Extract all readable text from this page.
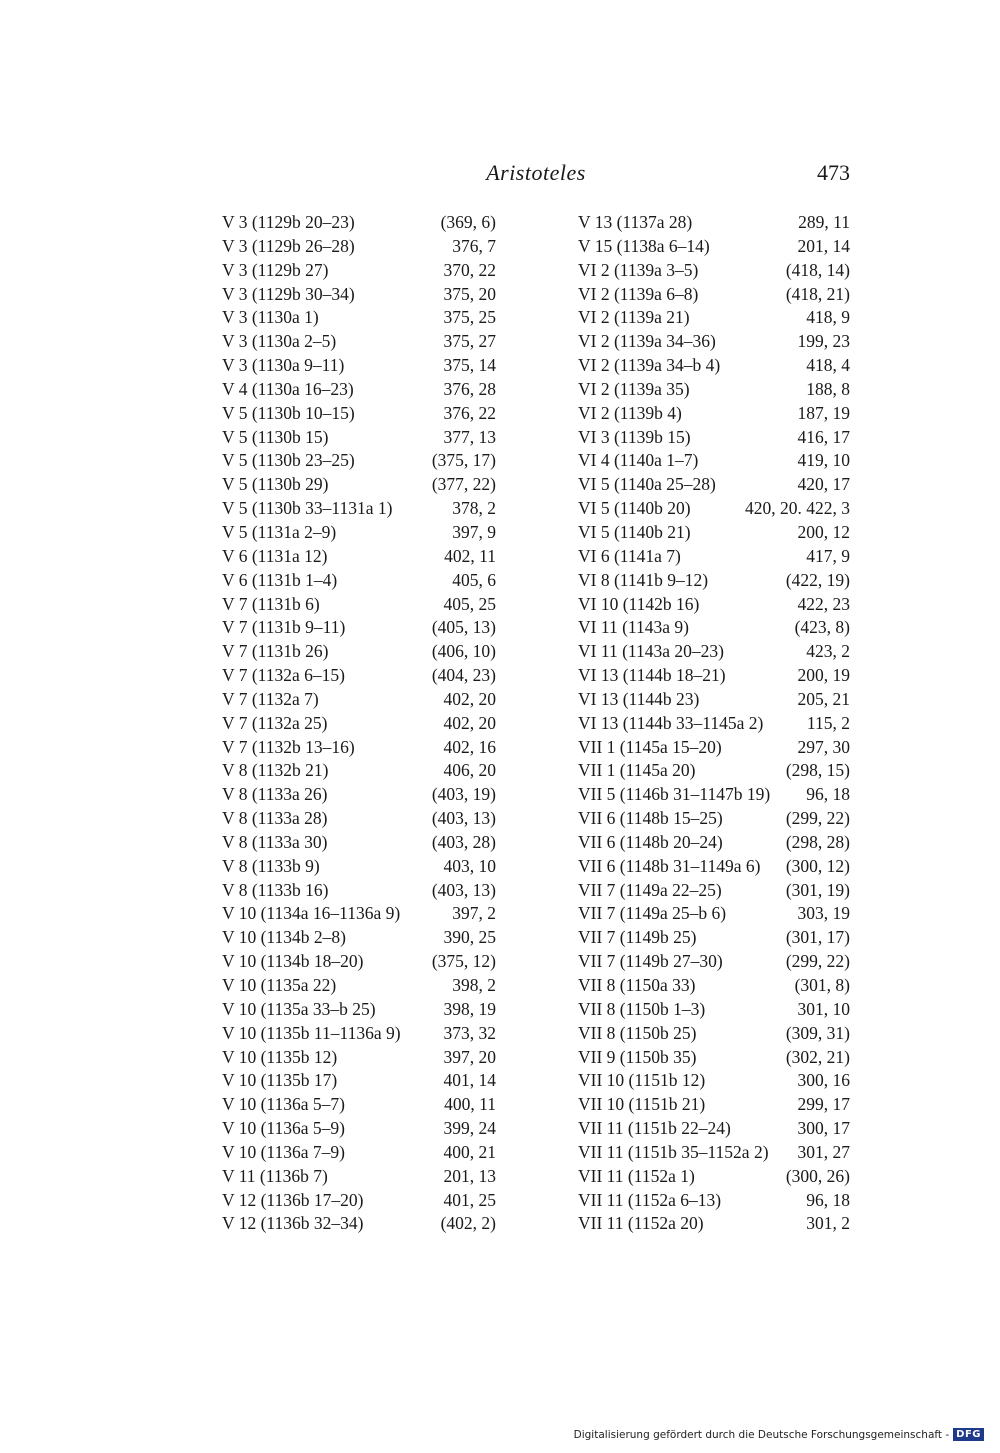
Aristoteles	473
V 3 (1129b 20–23)	(369, 6)
V 3 (1129b 26–28)	376, 7
V 3 (1129b 27)	370, 22
V 3 (1129b 30–34)	375, 20
V 3 (1130a 1)	375, 25
V 3 (1130a 2–5)	375, 27
V 3 (1130a 9–11)	375, 14
V 4 (1130a 16–23)	376, 28
V 5 (1130b 10–15)	376, 22
V 5 (1130b 15)	377, 13
V 5 (1130b 23–25)	(375, 17)
V 5 (1130b 29)	(377, 22)
V 5 (1130b 33–1131a 1)	378, 2
V 5 (1131a 2–9)	397, 9
V 6 (1131a 12)	402, 11
V 6 (1131b 1–4)	405, 6
V 7 (1131b 6)	405, 25
V 7 (1131b 9–11)	(405, 13)
V 7 (1131b 26)	(406, 10)
V 7 (1132a 6–15)	(404, 23)
V 7 (1132a 7)	402, 20
V 7 (1132a 25)	402, 20
V 7 (1132b 13–16)	402, 16
V 8 (1132b 21)	406, 20
V 8 (1133a 26)	(403, 19)
V 8 (1133a 28)	(403, 13)
V 8 (1133a 30)	(403, 28)
V 8 (1133b 9)	403, 10
V 8 (1133b 16)	(403, 13)
V 10 (1134a 16–1136a 9)	397, 2
V 10 (1134b 2–8)	390, 25
V 10 (1134b 18–20)	(375, 12)
V 10 (1135a 22)	398, 2
V 10 (1135a 33–b 25)	398, 19
V 10 (1135b 11–1136a 9) 373, 32
V 10 (1135b 12)	397, 20
V 10 (1135b 17)	401, 14
V 10 (1136a 5–7)	400, 11
V 10 (1136a 5–9)	399, 24
V 10 (1136a 7–9)	400, 21
V 11 (1136b 7)	201, 13
V 12 (1136b 17–20)	401, 25
V 12 (1136b 32–34)	(402, 2)
V 13 (1137a 28)	289, 11
V 15 (1138a 6–14)	201, 14
VI 2 (1139a 3–5)	(418, 14)
VI 2 (1139a 6–8)	(418, 21)
VI 2 (1139a 21)	418, 9
VI 2 (1139a 34–36)	199, 23
VI 2 (1139a 34–b 4)	418, 4
VI 2 (1139a 35)	188, 8
VI 2 (1139b 4)	187, 19
VI 3 (1139b 15)	416, 17
VI 4 (1140a 1–7)	419, 10
VI 5 (1140a 25–28)	420, 17
VI 5 (1140b 20)	420, 20. 422, 3
VI 5 (1140b 21)	200, 12
VI 6 (1141a 7)	417, 9
VI 8 (1141b 9–12)	(422, 19)
VI 10 (1142b 16)	422, 23
VI 11 (1143a 9)	(423, 8)
VI 11 (1143a 20–23)	423, 2
VI 13 (1144b 18–21)	200, 19
VI 13 (1144b 23)	205, 21
VI 13 (1144b 33–1145a 2) 115, 2
VII 1 (1145a 15–20)	297, 30
VII 1 (1145a 20)	(298, 15)
VII 5 (1146b 31–1147b 19) 96, 18
VII 6 (1148b 15–25)	(299, 22)
VII 6 (1148b 20–24)	(298, 28)
VII 6 (1148b 31–1149a 6) (300, 12)
VII 7 (1149a 22–25)	(301, 19)
VII 7 (1149a 25–b 6)	303, 19
VII 7 (1149b 25)	(301, 17)
VII 7 (1149b 27–30)	(299, 22)
VII 8 (1150a 33)	(301, 8)
VII 8 (1150b 1–3)	301, 10
VII 8 (1150b 25)	(309, 31)
VII 9 (1150b 35)	(302, 21)
VII 10 (1151b 12)	300, 16
VII 10 (1151b 21)	299, 17
VII 11 (1151b 22–24)	300, 17
VII 11 (1151b 35–1152a 2) 301, 27
VII 11 (1152a 1)	(300, 26)
VII 11 (1152a 6–13)	96, 18
VII 11 (1152a 20)	301, 2
Digitalisierung gefördert durch die Deutsche Forschungsgemeinschaft - DFG
